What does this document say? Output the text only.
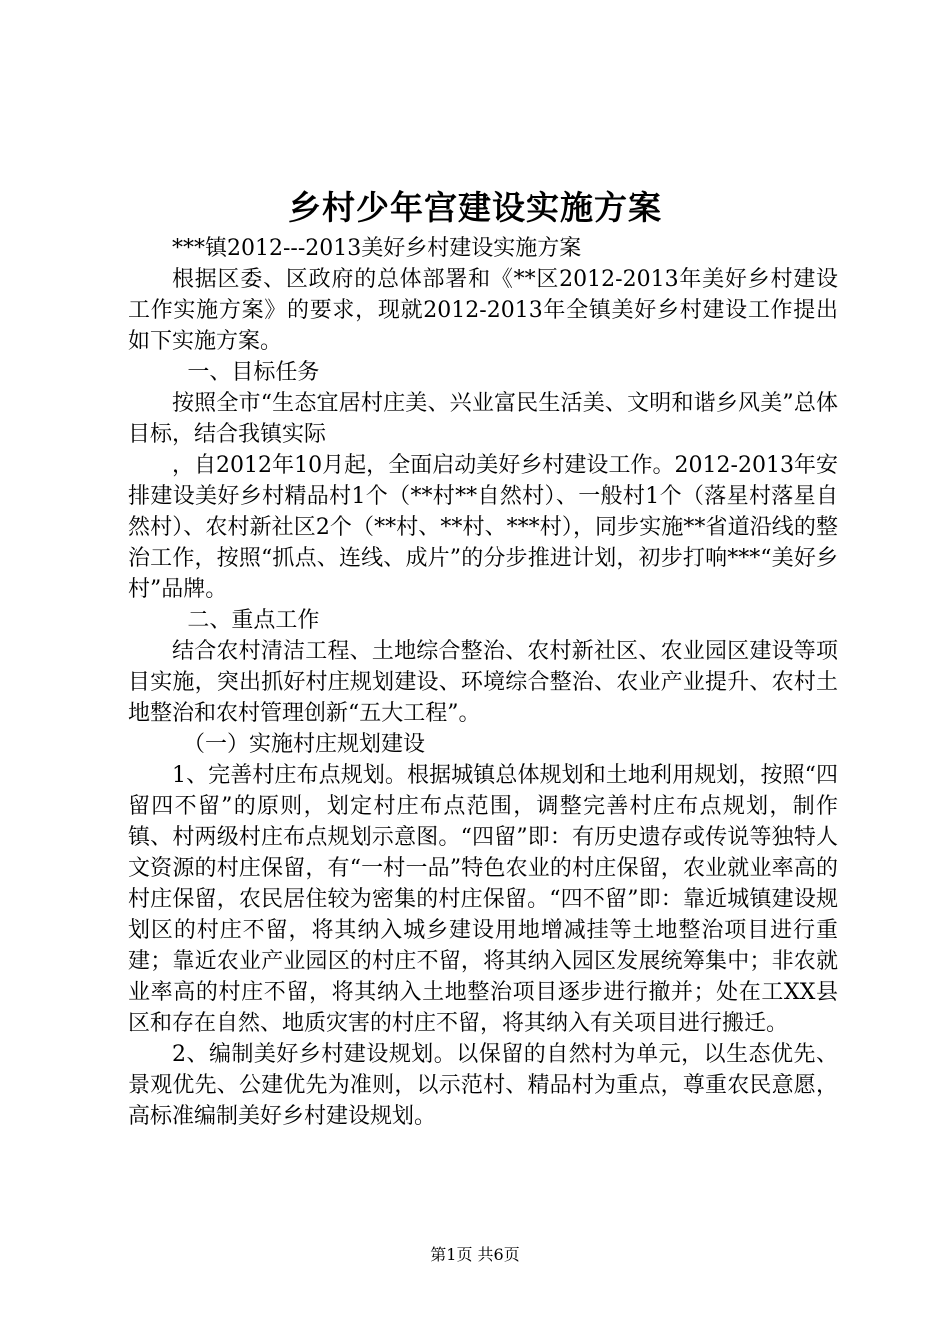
乡村少年宫建设实施方案

***镇2012---2013美好乡村建设实施方案

根据区委、区政府的总体部署和《**区2012-2013年美好乡村建设工作实施方案》的要求，现就2012-2013年全镇美好乡村建设工作提出如下实施方案。

一、目标任务

按照全市“生态宜居村庄美、兴业富民生活美、文明和谐乡风美”总体目标，结合我镇实际

，自2012年10月起，全面启动美好乡村建设工作。2012-2013年安排建设美好乡村精品村1个（**村**自然村）、一般村1个（落星村落星自然村）、农村新社区2个（**村、**村、***村），同步实施**省道沿线的整治工作，按照“抓点、连线、成片”的分步推进计划，初步打响***“美好乡村”品牌。

二、重点工作

结合农村清洁工程、土地综合整治、农村新社区、农业园区建设等项目实施，突出抓好村庄规划建设、环境综合整治、农业产业提升、农村土地整治和农村管理创新“五大工程”。

（一）实施村庄规划建设

1、完善村庄布点规划。根据城镇总体规划和土地利用规划，按照“四留四不留”的原则，划定村庄布点范围，调整完善村庄布点规划，制作镇、村两级村庄布点规划示意图。“四留”即：有历史遗存或传说等独特人文资源的村庄保留，有“一村一品”特色农业的村庄保留，农业就业率高的村庄保留，农民居住较为密集的村庄保留。“四不留”即：靠近城镇建设规划区的村庄不留，将其纳入城乡建设用地增减挂等土地整治项目进行重建；靠近农业产业园区的村庄不留，将其纳入园区发展统筹集中；非农就业率高的村庄不留，将其纳入土地整治项目逐步进行撤并；处在工XX县区和存在自然、地质灾害的村庄不留，将其纳入有关项目进行搬迁。

2、编制美好乡村建设规划。以保留的自然村为单元，以生态优先、景观优先、公建优先为准则，以示范村、精品村为重点，尊重农民意愿，高标准编制美好乡村建设规划。

第1页 共6页
